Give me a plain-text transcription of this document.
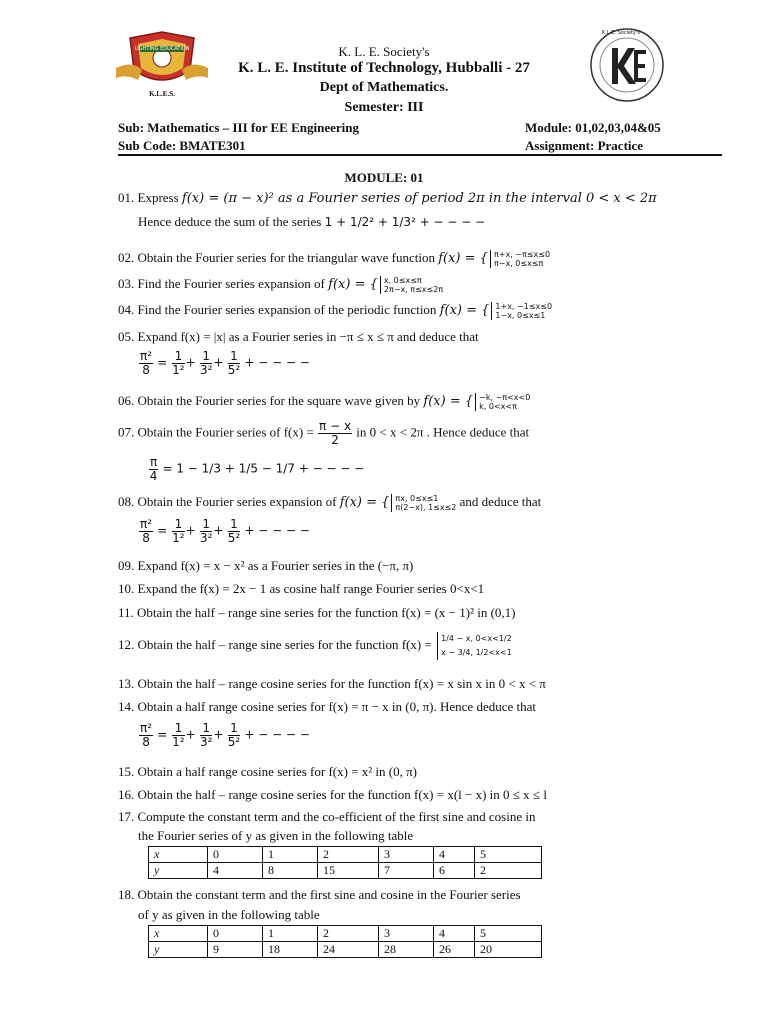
LIGHTING EDUCATION
K.L.E.S.
K.L.E. Society's
K. L. E. Society's
K. L. E. Institute of Technology, Hubballi - 27
Dept of Mathematics.
Semester: III
Sub: Mathematics – III for EE Engineering
Sub Code: BMATE301
Module: 01,02,03,04&05
Assignment: Practice
MODULE: 01
01. Express f(x) = (π − x)² as a Fourier series of period 2π in the interval 0 < x < 2π
Hence deduce the sum of the series 1 + 1/2² + 1/3² + − − − −
02. Obtain the Fourier series for the triangular wave function f(x) = { π+x, −π≤x≤0
π−x, 0≤x≤π
03. Find the Fourier series expansion of f(x) = { x, 0≤x≤π
2π−x, π≤x≤2π
04. Find the Fourier series expansion of the periodic function f(x) = { 1+x, −1≤x≤0
1−x, 0≤x≤1
05. Expand f(x) = |x| as a Fourier series in −π ≤ x ≤ π and deduce that
$\frac{\text{π²}}{8} = \frac{1}{\text{1²}} + \frac{1}{\text{3²}} + \frac{1}{\text{5²}}$ + − − − −
06. Obtain the Fourier series for the square wave given by f(x) = { −k, −π<x<0
k, 0<x<π
07. Obtain the Fourier series of $f(x) = \frac{\pi - x}{2}$ in 0 < x < 2π . Hence deduce that
$\frac{\pi}{4} = 1 - 1/3 + 1/5 - 1/7$ + − − − −
08. Obtain the Fourier series expansion of f(x) = { πx, 0≤x≤1
π(2−x), 1≤x≤2 and deduce that
$\frac{\text{π²}}{8} = \frac{1}{\text{1²}} + \frac{1}{\text{3²}} + \frac{1}{\text{5²}}$ + − − − −
09. Expand f(x) = x − x² as a Fourier series in the (−π, π)
10. Expand the f(x) = 2x − 1 as cosine half range Fourier series 0<x<1
11. Obtain the half – range sine series for the function f(x) = (x − 1)² in (0,1)
12. Obtain the half – range sine series for the function f(x) = 1/4 − x, 0<x<1/2
x − 3/4, 1/2<x<1
13. Obtain the half – range cosine series for the function f(x) = x sin x in 0 < x < π
14. Obtain a half range cosine series for f(x) = π − x in (0, π). Hence deduce that
$\frac{\text{π²}}{8} = \frac{1}{\text{1²}} + \frac{1}{\text{3²}} + \frac{1}{\text{5²}}$ + − − − −
15. Obtain a half range cosine series for f(x) = x² in (0, π)
16. Obtain the half – range cosine series for the function f(x) = x(l − x) in 0 ≤ x ≤ l
17. Compute the constant term and the co-efficient of the first sine and cosine in
the Fourier series of y as given in the following table
x	0	1	2	3	4	5
y	4	8	15	7	6	2
18. Obtain the constant term and the first sine and cosine in the Fourier series
of y as given in the following table
x	0	1	2	3	4	5
y	9	18	24	28	26	20
